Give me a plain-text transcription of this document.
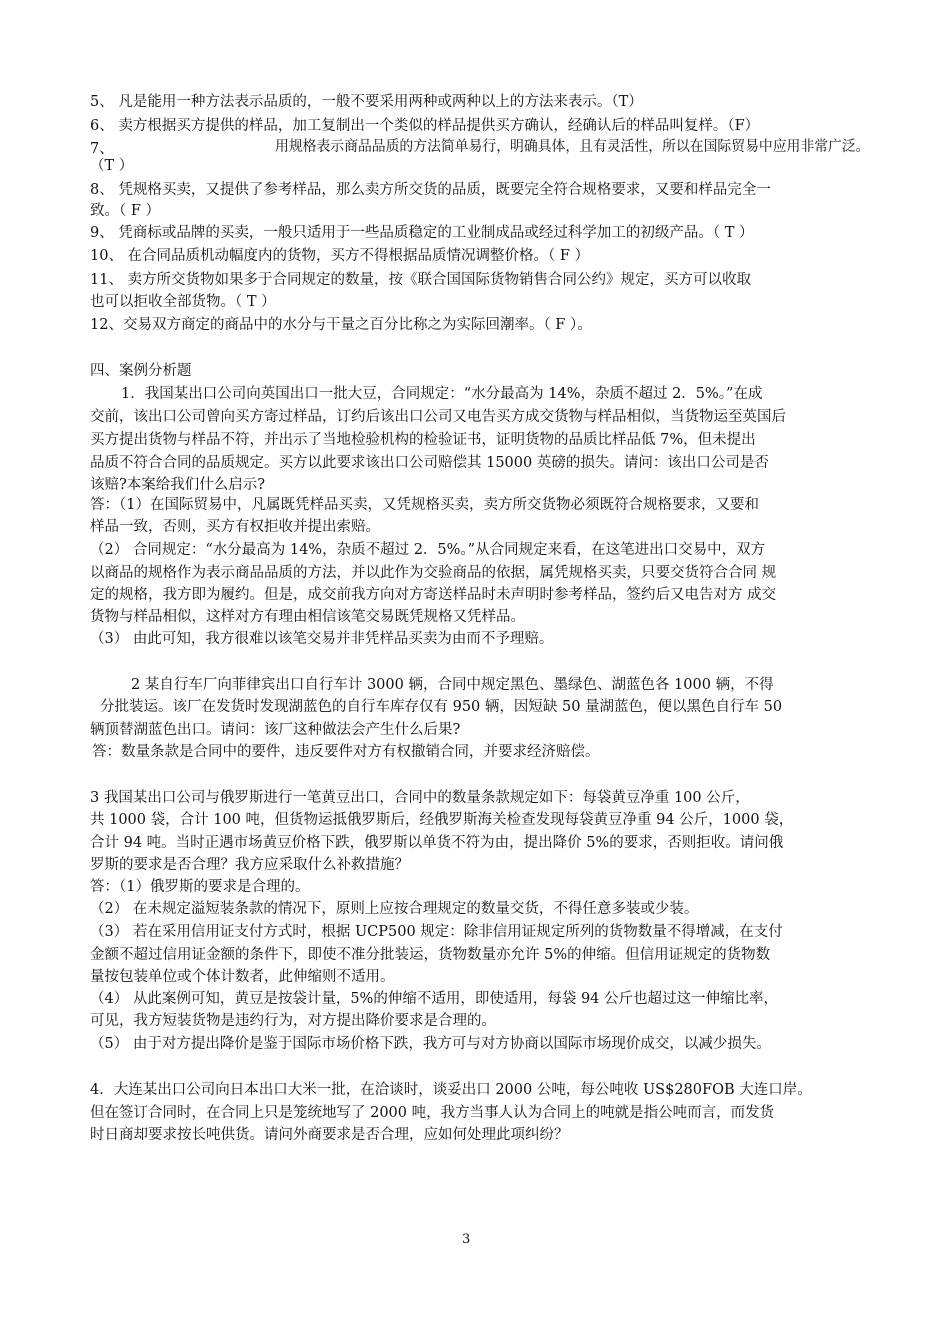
5、 凡是能用一种方法表示品质的，一般不要采用两种或两种以上的方法来表示。（T）
6、 卖方根据买方提供的样品，加工复制出一个类似的样品提供买方确认，经确认后的样品叫复样。（F）
7、	用规格表示商品品质的方法简单易行，明确具体，且有灵活性，所以在国际贸易中应用非常广泛。
（T ）
8、 凭规格买卖，又提供了参考样品，那么卖方所交货的品质，既要完全符合规格要求，又要和样品完全一
致。（ F ）
9、 凭商标或品牌的买卖，一般只适用于一些品质稳定的工业制成品或经过科学加工的初级产品。（ T ）
10、 在合同品质机动幅度内的货物，买方不得根据品质情况调整价格。（ F ）
11、 卖方所交货物如果多于合同规定的数量，按《联合国国际货物销售合同公约》规定，买方可以收取
也可以拒收全部货物。（ T ）
12、交易双方商定的商品中的水分与干量之百分比称之为实际回潮率。（ F ）。
四、案例分析题
1．我国某出口公司向英国出口一批大豆，合同规定：“水分最高为 14%，杂质不超过 2．5%。”在成
交前，该出口公司曾向买方寄过样品，订约后该出口公司又电告买方成交货物与样品相似，当货物运至英国后
买方提出货物与样品不符，并出示了当地检验机构的检验证书，证明货物的品质比样品低 7%，但未提出
品质不符合合同的品质规定。买方以此要求该出口公司赔偿其 15000 英磅的损失。请问：该出口公司是否
该赔?本案给我们什么启示?
答：（1）在国际贸易中，凡属既凭样品买卖，又凭规格买卖，卖方所交货物必须既符合规格要求，又要和
样品一致，否则，买方有权拒收并提出索赔。
（2） 合同规定：“水分最高为 14%，杂质不超过 2．5%。”从合同规定来看，在这笔进出口交易中，双方
以商品的规格作为表示商品品质的方法，并以此作为交验商品的依据，属凭规格买卖，只要交货符合合同 规
定的规格，我方即为履约。但是，成交前我方向对方寄送样品时未声明时参考样品，签约后又电告对方 成交
货物与样品相似，这样对方有理由相信该笔交易既凭规格又凭样品。
（3） 由此可知，我方很难以该笔交易并非凭样品买卖为由而不予理赔。
2 某自行车厂向菲律宾出口自行车计 3000 辆，合同中规定黑色、墨绿色、湖蓝色各 1000 辆，不得
分批装运。该厂在发货时发现湖蓝色的自行车库存仅有 950 辆，因短缺 50 量湖蓝色，便以黑色自行车 50
辆顶替湖蓝色出口。请问：该厂这种做法会产生什么后果?
答：数量条款是合同中的要件，违反要件对方有权撤销合同，并要求经济赔偿。
3 我国某出口公司与俄罗斯进行一笔黄豆出口，合同中的数量条款规定如下：每袋黄豆净重 100 公斤，
共 1000 袋，合计 100 吨，但货物运抵俄罗斯后，经俄罗斯海关检查发现每袋黄豆净重 94 公斤，1000 袋，
合计 94 吨。当时正遇市场黄豆价格下跌，俄罗斯以单货不符为由，提出降价 5%的要求，否则拒收。请问俄
罗斯的要求是否合理？我方应采取什么补救措施？
答：（1）俄罗斯的要求是合理的。
（2） 在未规定溢短装条款的情况下，原则上应按合理规定的数量交货，不得任意多装或少装。
（3） 若在采用信用证支付方式时，根据 UCP500 规定：除非信用证规定所列的货物数量不得增减，在支付
金额不超过信用证金额的条件下，即使不准分批装运，货物数量亦允许 5%的伸缩。但信用证规定的货物数
量按包装单位或个体计数者，此伸缩则不适用。
（4） 从此案例可知，黄豆是按袋计量，5%的伸缩不适用，即使适用，每袋 94 公斤也超过这一伸缩比率，
可见，我方短装货物是违约行为，对方提出降价要求是合理的。
（5） 由于对方提出降价是鉴于国际市场价格下跌，我方可与对方协商以国际市场现价成交，以减少损失。
4．大连某出口公司向日本出口大米一批，在洽谈时，谈妥出口 2000 公吨，每公吨收 US$280FOB 大连口岸。
但在签订合同时，在合同上只是笼统地写了 2000 吨，我方当事人认为合同上的吨就是指公吨而言，而发货
时日商却要求按长吨供货。请问外商要求是否合理，应如何处理此项纠纷？
3
